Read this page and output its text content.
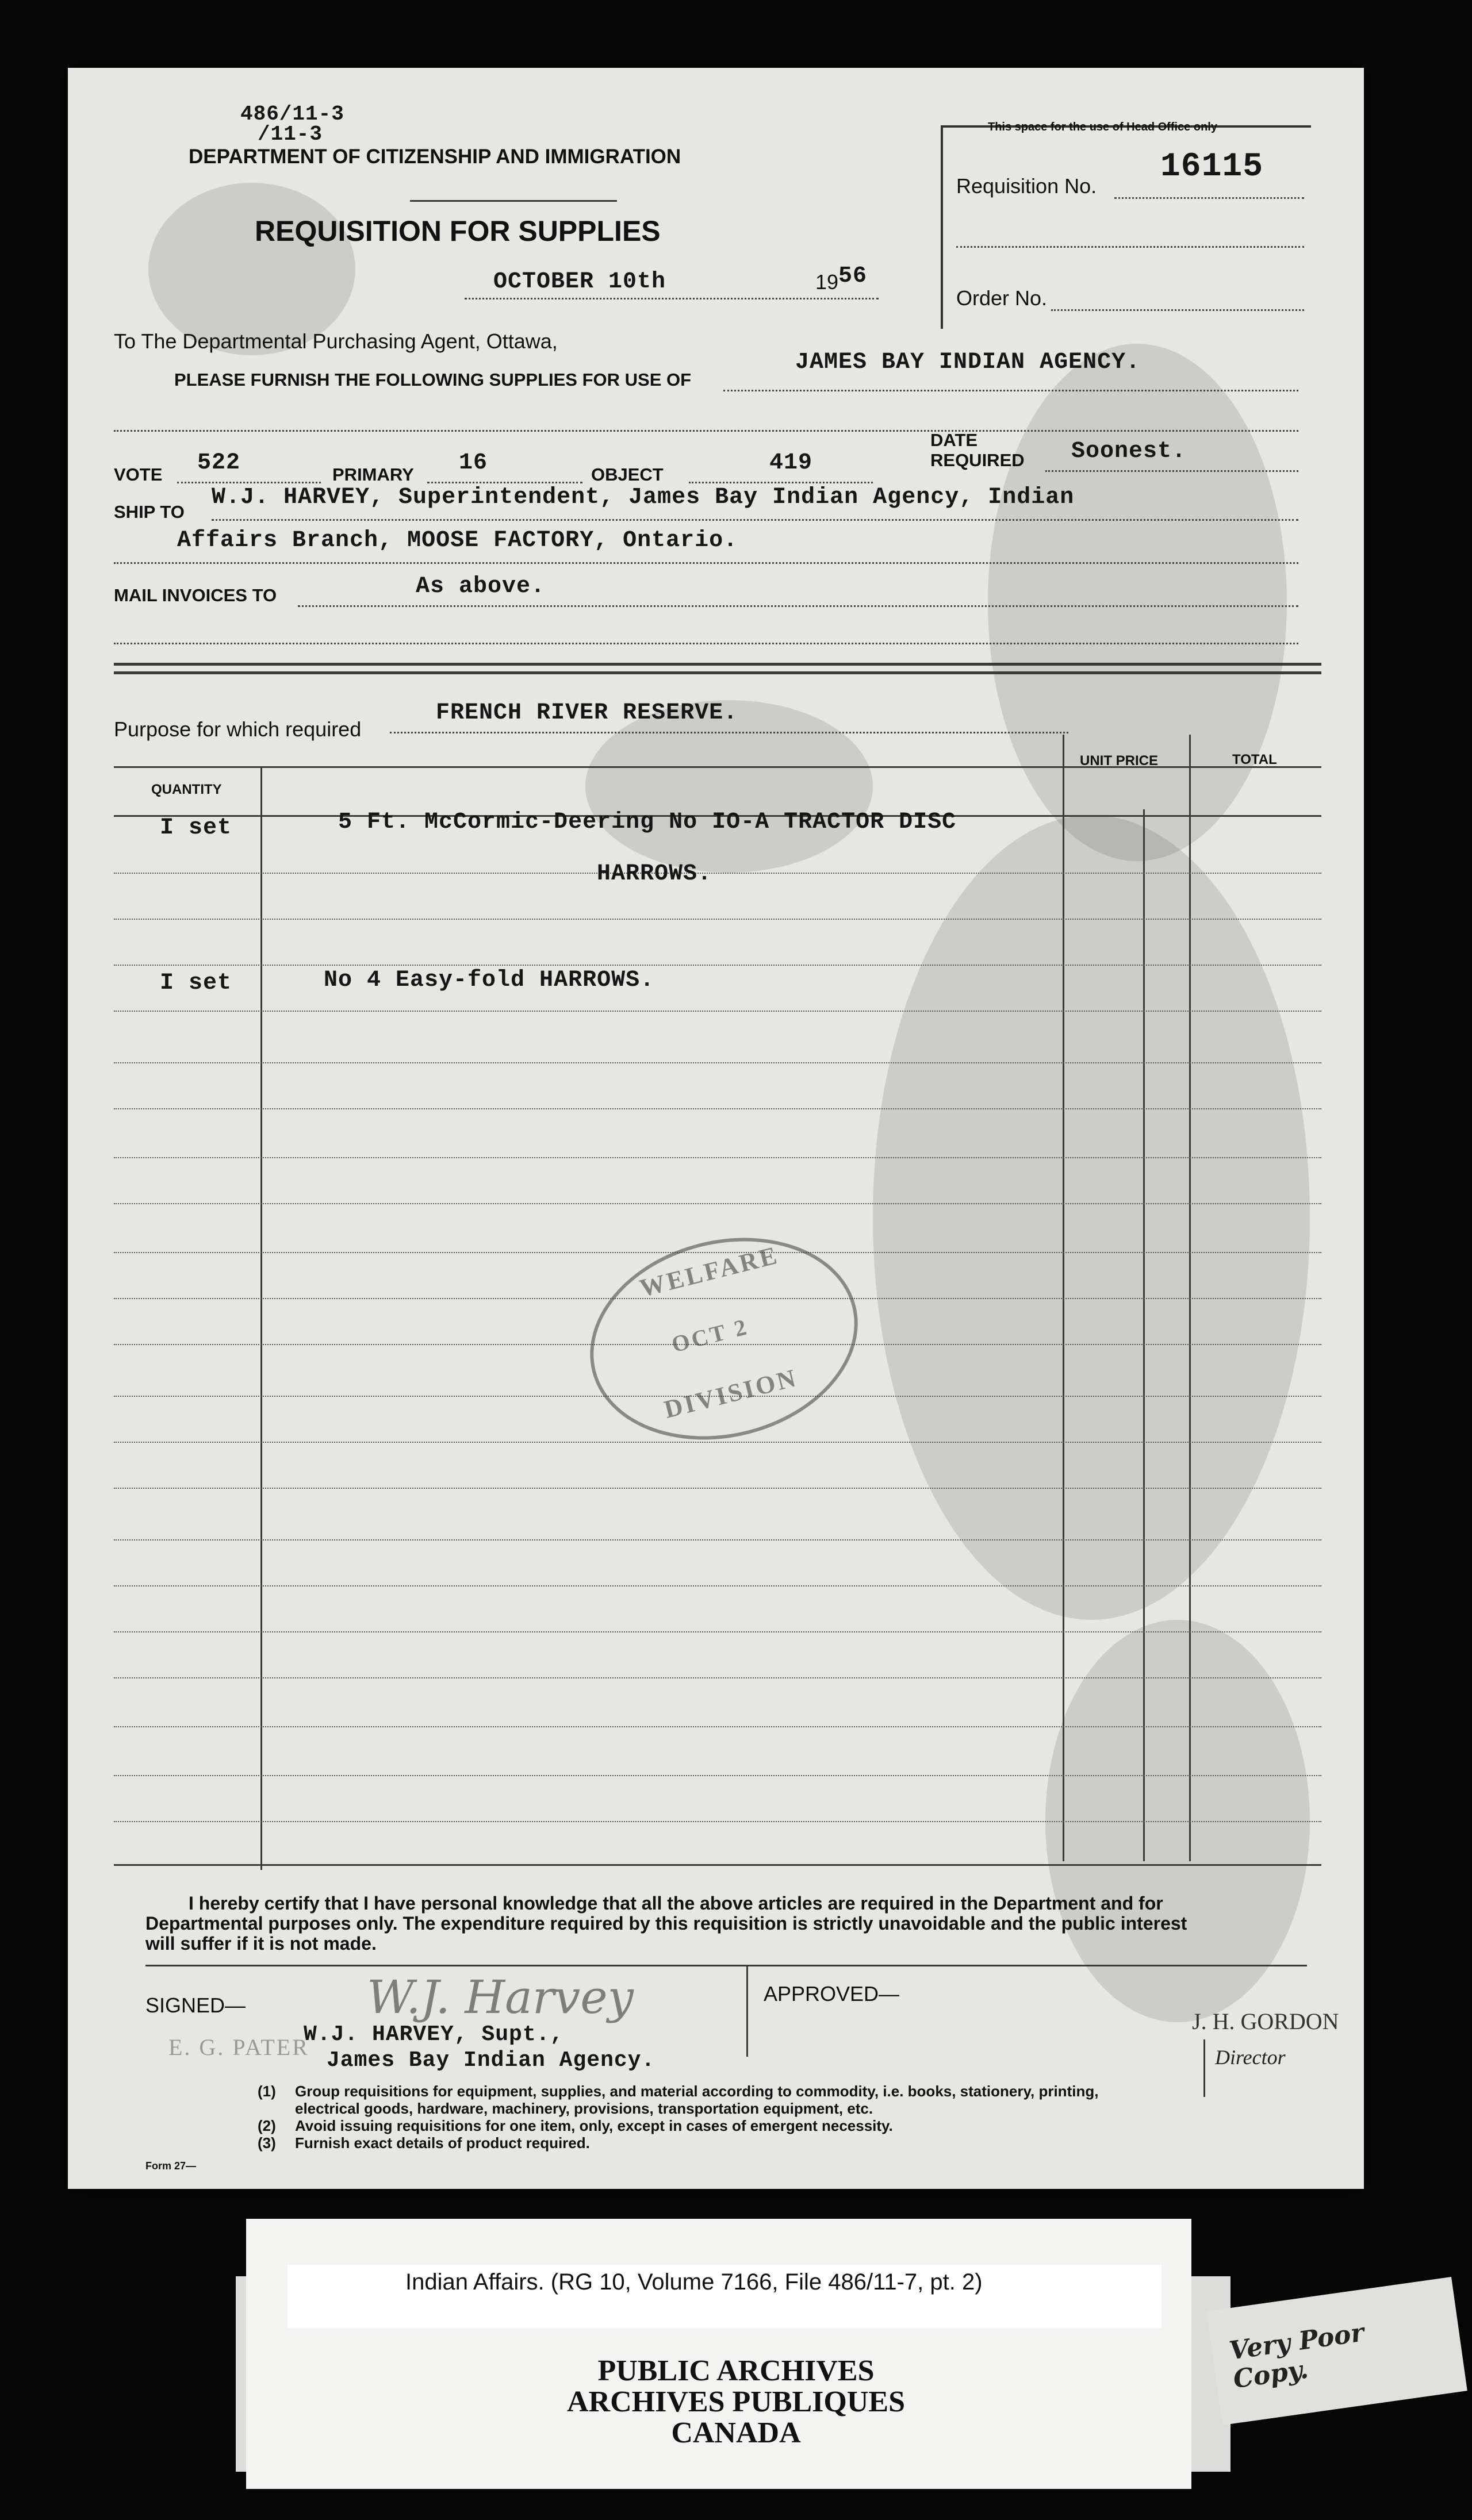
486/11-3
/11-3
DEPARTMENT OF CITIZENSHIP AND IMMIGRATION
REQUISITION FOR SUPPLIES
OCTOBER 10th	19 56
This space for the use of Head Office only
Requisition No.
16115
Order No.
To The Departmental Purchasing Agent, Ottawa,
PLEASE FURNISH THE FOLLOWING SUPPLIES FOR USE OF
JAMES BAY INDIAN AGENCY.
VOTE 522	PRIMARY 16	OBJECT	419
DATE
REQUIRED Soonest.
SHIP TO
W.J. HARVEY, Superintendent, James Bay Indian Agency, Indian
Affairs Branch, MOOSE FACTORY, Ontario.
MAIL INVOICES TO	As above.
Purpose for which required
FRENCH RIVER RESERVE.
QUANTITY
UNIT PRICE	TOTAL
I set	5 Ft. McCormic-Deering No IO-A TRACTOR DISC
HARROWS.
I set	No 4 Easy-fold HARROWS.
WELFARE
OCT 2
DIVISION
I hereby certify that I have personal knowledge that all the above articles are required in the Department and for
Departmental purposes only. The expenditure required by this requisition is strictly unavoidable and the public interest
will suffer if it is not made.
SIGNED—	APPROVED—
W.J. Harvey
E. G. PATER
W.J. HARVEY, Supt.,
James Bay Indian Agency.
J. H. GORDON
Director
(1) Group requisitions for equipment, supplies, and material according to commodity, i.e. books, stationery, printing,
electrical goods, hardware, machinery, provisions, transportation equipment, etc.
(2) Avoid issuing requisitions for one item, only, except in cases of emergent necessity.
(3) Furnish exact details of product required.
Form 27—
Indian Affairs. (RG 10, Volume 7166, File 486/11-7, pt. 2)
PUBLIC ARCHIVES
ARCHIVES PUBLIQUES
CANADA
Very Poor Copy.
